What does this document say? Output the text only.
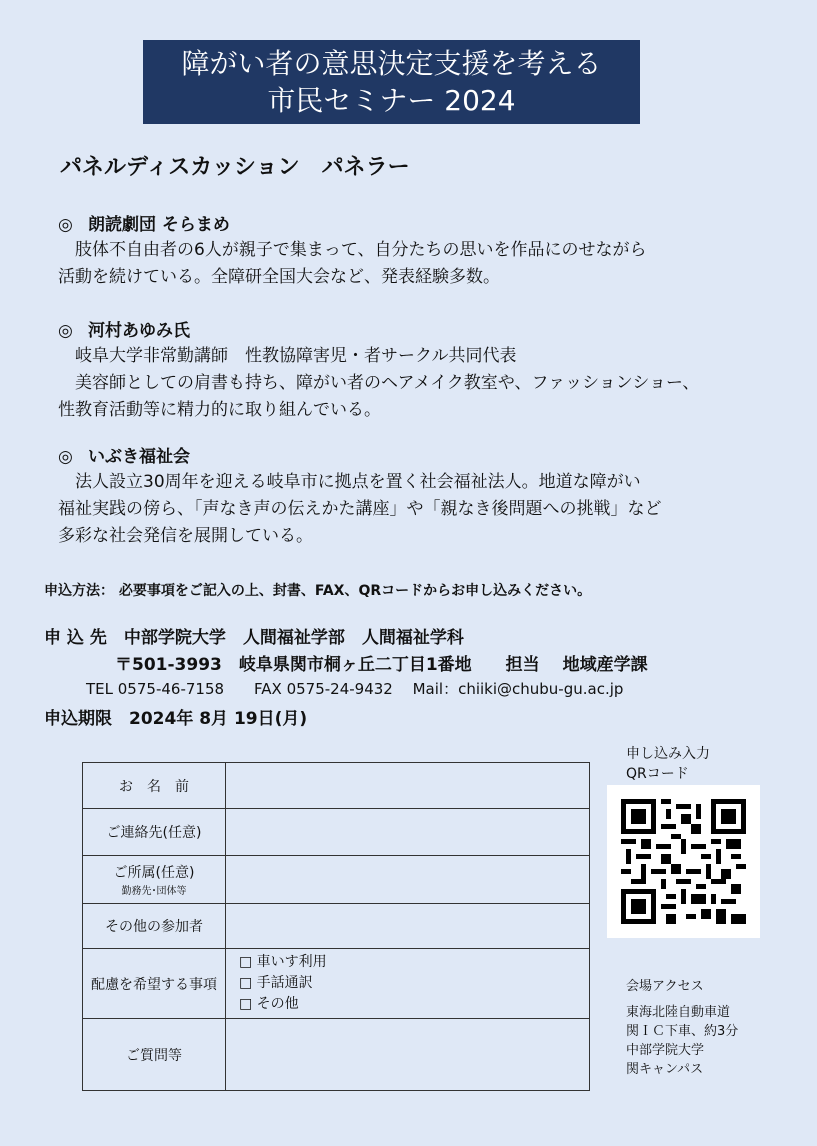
障がい者の意思決定支援を考える
市民セミナー 2024
パネルディスカッション　パネラー
◎ 朗読劇団 そらまめ

肢体不自由者の6人が親子で集まって、自分たちの思いを作品にのせながら

活動を続けている。全障研全国大会など、発表経験多数。

◎ 河村あゆみ氏

岐阜大学非常勤講師　性教協障害児・者サークル共同代表

美容師としての肩書も持ち、障がい者のヘアメイク教室や、ファッションショー、

性教育活動等に精力的に取り組んでいる。

◎ いぶき福祉会

法人設立30周年を迎える岐阜市に拠点を置く社会福祉法人。地道な障がい

福祉実践の傍ら、「声なき声の伝えかた講座」や「親なき後問題への挑戦」など

多彩な社会発信を展開している。

申込方法： 必要事項をご記入の上、封書、FAX、QRコードからお申し込みください。
申 込 先　中部学院大学　人間福祉学部　人間福祉学科
〒501-3993　岐阜県関市桐ヶ丘二丁目1番地　　担当　 地域産学課
TEL 0575-46-7158　　FAX 0575-24-9432　 Mail：chiiki@chubu-gu.ac.jp
申込期限　2024年 8月 19日(月)
お　名　前	
ご連絡先(任意)	
ご所属(任意)
勤務先･団体等	

その他の参加者	
配慮を希望する事項	□ 車いす利用
□ 手話通訳
□ その他

ご質問等	
申し込み入力
QRコード
会場アクセス
東海北陸自動車道
関ＩＣ下車、約3分
中部学院大学
関キャンパス
